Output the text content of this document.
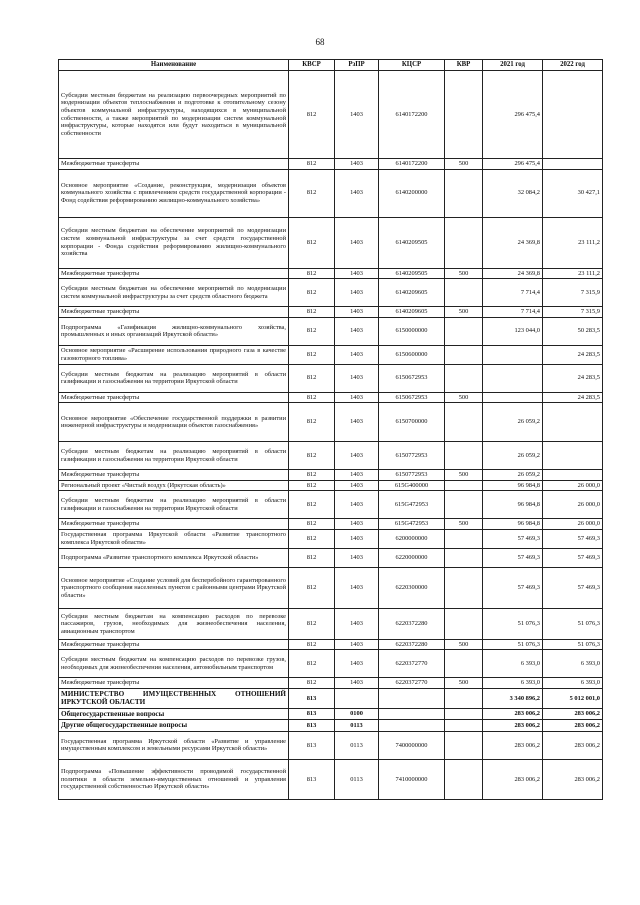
68
Наименование	КВСР	РзПР	КЦСР	КВР	2021 год	2022 год
Субсидии местным бюджетам на реализацию первоочередных мероприятий по модернизации объектов теплоснабжения и подготовке к отопительному сезону объектов коммунальной инфраструктуры, находящихся в муниципальной собственности, а также мероприятий по модернизации систем коммунальной инфраструктуры, которые находятся или будут находиться в муниципальной собственности	812	1403	6140172200		296 475,4	
Межбюджетные трансферты	812	1403	6140172200	500	296 475,4	
Основное мероприятие «Создание, реконструкция, модернизация объектов коммунального хозяйства с привлечением средств государственной корпорации - Фонд содействия реформированию жилищно-коммунального хозяйства»	812	1403	6140200000		32 084,2	30 427,1
Субсидии местным бюджетам на обеспечение мероприятий по модернизации систем коммунальной инфраструктуры за счет средств государственной корпорации - Фонда содействия реформированию жилищно-коммунального хозяйства	812	1403	6140209505		24 369,8	23 111,2
Межбюджетные трансферты	812	1403	6140209505	500	24 369,8	23 111,2
Субсидии местным бюджетам на обеспечение мероприятий по модернизации систем коммунальной инфраструктуры за счет средств областного бюджета	812	1403	6140209605		7 714,4	7 315,9
Межбюджетные трансферты	812	1403	6140209605	500	7 714,4	7 315,9
Подпрограмма «Газификация жилищно-коммунального хозяйства, промышленных и иных организаций Иркутской области»	812	1403	6150000000		123 044,0	50 283,5
Основное мероприятие «Расширение использования природного газа в качестве газомоторного топлива»	812	1403	6150600000			24 283,5
Субсидии местным бюджетам на реализацию мероприятий в области газификации и газоснабжения на территории Иркутской области	812	1403	6150672953			24 283,5
Межбюджетные трансферты	812	1403	6150672953	500		24 283,5
Основное мероприятие «Обеспечение государственной поддержки в развитии инженерной инфраструктуры и модернизации объектов газоснабжения»	812	1403	6150700000		26 059,2	
Субсидии местным бюджетам на реализацию мероприятий в области газификации и газоснабжения на территории Иркутской области	812	1403	6150772953		26 059,2	
Межбюджетные трансферты	812	1403	6150772953	500	26 059,2	
Региональный проект «Чистый воздух (Иркутская область)»	812	1403	615G400000		96 984,8	26 000,0
Субсидии местным бюджетам на реализацию мероприятий в области газификации и газоснабжения на территории Иркутской области	812	1403	615G472953		96 984,8	26 000,0
Межбюджетные трансферты	812	1403	615G472953	500	96 984,8	26 000,0
Государственная программа Иркутской области «Развитие транспортного комплекса Иркутской области»	812	1403	6200000000		57 469,3	57 469,3
Подпрограмма «Развитие транспортного комплекса Иркутской области»	812	1403	6220000000		57 469,3	57 469,3
Основное мероприятие «Создание условий для бесперебойного гарантированного транспортного сообщения населенных пунктов с районными центрами Иркутской области»	812	1403	6220300000		57 469,3	57 469,3
Субсидии местным бюджетам на компенсацию расходов по перевозке пассажиров, грузов, необходимых для жизнеобеспечения населения, авиационным транспортом	812	1403	6220372280		51 076,3	51 076,3
Межбюджетные трансферты	812	1403	6220372280	500	51 076,3	51 076,3
Субсидии местным бюджетам на компенсацию расходов по перевозке грузов, необходимых для жизнеобеспечения населения, автомобильным транспортом	812	1403	6220372770		6 393,0	6 393,0
Межбюджетные трансферты	812	1403	6220372770	500	6 393,0	6 393,0
МИНИСТЕРСТВО ИМУЩЕСТВЕННЫХ ОТНОШЕНИЙ ИРКУТСКОЙ ОБЛАСТИ	813				3 340 896,2	5 012 001,0
Общегосударственные вопросы	813	0100			283 006,2	283 006,2
Другие общегосударственные вопросы	813	0113			283 006,2	283 006,2
Государственная программа Иркутской области «Развитие и управление имущественным комплексом и земельными ресурсами Иркутской области»	813	0113	7400000000		283 006,2	283 006,2
Подпрограмма «Повышение эффективности проводимой государственной политики в области земельно-имущественных отношений и управления государственной собственностью Иркутской области»	813	0113	7410000000		283 006,2	283 006,2
